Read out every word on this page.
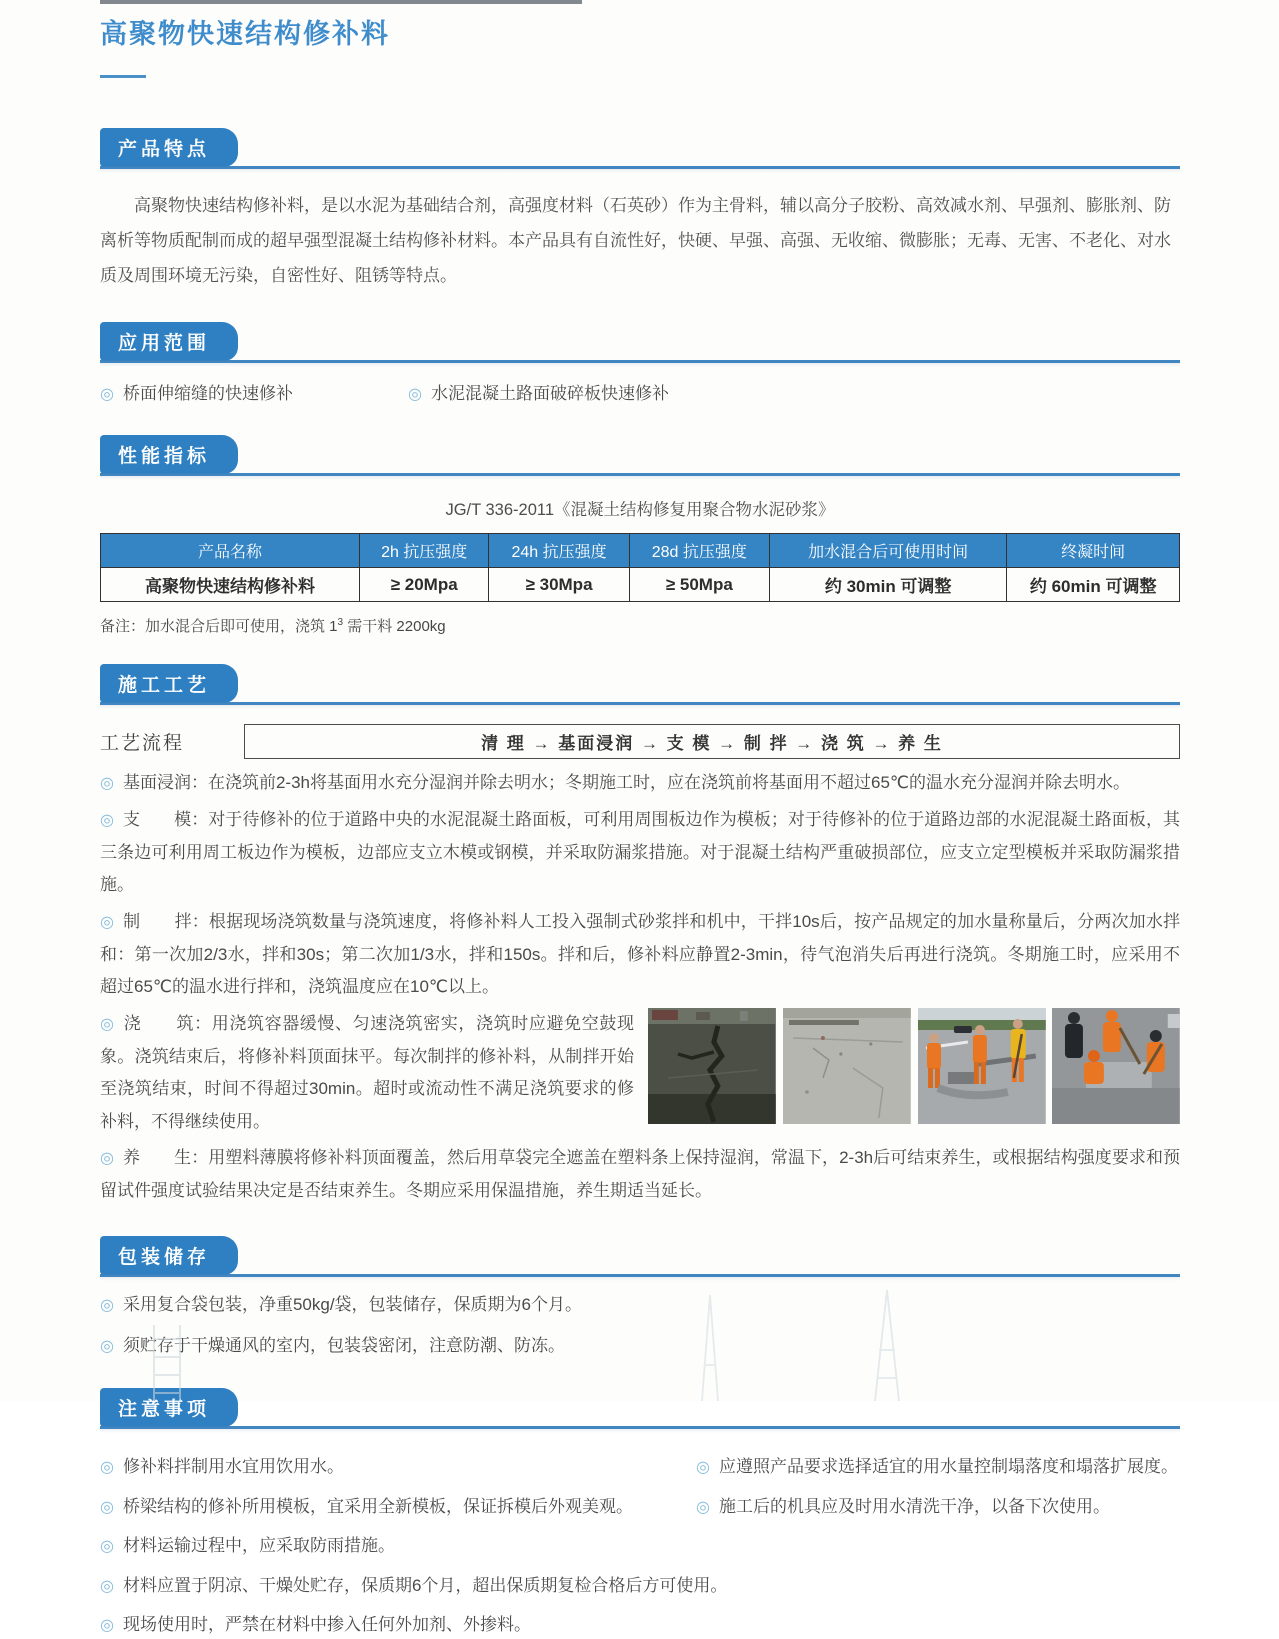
高聚物快速结构修补料
产品特点

高聚物快速结构修补料，是以水泥为基础结合剂，高强度材料（石英砂）作为主骨料，辅以高分子胶粉、高效减水剂、早强剂、膨胀剂、防离析等物质配制而成的超早强型混凝土结构修补材料。本产品具有自流性好，快硬、早强、高强、无收缩、微膨胀；无毒、无害、不老化、对水质及周围环境无污染，自密性好、阻锈等特点。

应用范围
◎ 桥面伸缩缝的快速修补	◎ 水泥混凝土路面破碎板快速修补
性能指标
JG/T 336-2011《混凝土结构修复用聚合物水泥砂浆》
产品名称	2h 抗压强度	24h 抗压强度	28d 抗压强度	加水混合后可使用时间	终凝时间
高聚物快速结构修补料	≥ 20Mpa	≥ 30Mpa	≥ 50Mpa	约 30min 可调整	约 60min 可调整
备注：加水混合后即可使用，浇筑 $1^3$ 需干料 2200kg
施工工艺
工艺流程	清 理 → 基面浸润 → 支 模 → 制 拌 → 浇 筑 → 养 生

◎ 基面浸润：在浇筑前2-3h将基面用水充分湿润并除去明水；冬期施工时，应在浇筑前将基面用不超过65℃的温水充分湿润并除去明水。

◎ 支　　模：对于待修补的位于道路中央的水泥混凝土路面板，可利用周围板边作为模板；对于待修补的位于道路边部的水泥混凝土路面板，其三条边可利用周工板边作为模板，边部应支立木模或钢模，并采取防漏浆措施。对于混凝土结构严重破损部位，应支立定型模板并采取防漏浆措施。

◎ 制　　拌：根据现场浇筑数量与浇筑速度，将修补料人工投入强制式砂浆拌和机中，干拌10s后，按产品规定的加水量称量后，分两次加水拌和：第一次加2/3水，拌和30s；第二次加1/3水，拌和150s。拌和后，修补料应静置2-3min，待气泡消失后再进行浇筑。冬期施工时，应采用不超过65℃的温水进行拌和，浇筑温度应在10℃以上。

◎ 浇　　筑：用浇筑容器缓慢、匀速浇筑密实，浇筑时应避免空鼓现象。浇筑结束后，将修补料顶面抹平。每次制拌的修补料，从制拌开始至浇筑结束，时间不得超过30min。超时或流动性不满足浇筑要求的修补料，不得继续使用。

◎ 养　　生：用塑料薄膜将修补料顶面覆盖，然后用草袋完全遮盖在塑料条上保持湿润，常温下，2-3h后可结束养生，或根据结构强度要求和预留试件强度试验结果决定是否结束养生。冬期应采用保温措施，养生期适当延长。

包装储存
◎ 采用复合袋包装，净重50kg/袋，包装储存，保质期为6个月。
◎ 须贮存于干燥通风的室内，包装袋密闭，注意防潮、防冻。
注意事项
◎ 修补料拌制用水宜用饮用水。	◎ 应遵照产品要求选择适宜的用水量控制塌落度和塌落扩展度。
◎ 桥梁结构的修补所用模板，宜采用全新模板，保证拆模后外观美观。	◎ 施工后的机具应及时用水清洗干净，以备下次使用。
◎ 材料运输过程中，应采取防雨措施。
◎ 材料应置于阴凉、干燥处贮存，保质期6个月，超出保质期复检合格后方可使用。
◎ 现场使用时，严禁在材料中掺入任何外加剂、外掺料。
